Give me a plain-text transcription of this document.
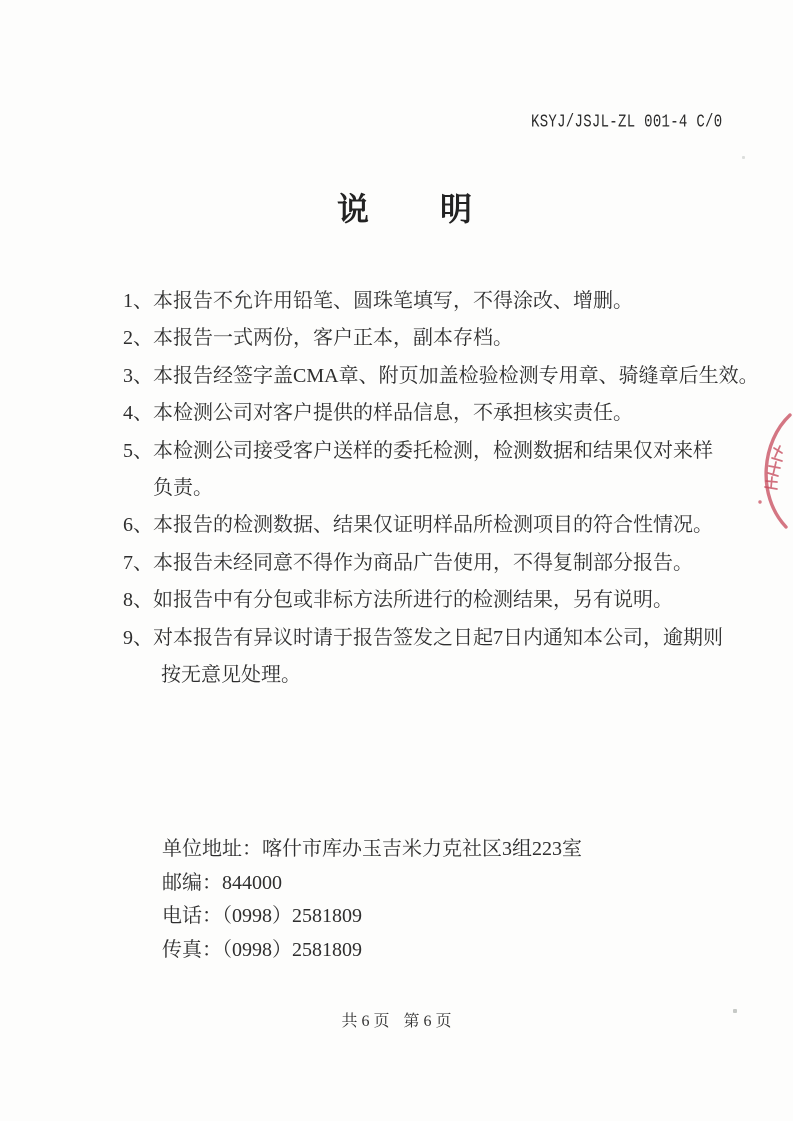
KSYJ/JSJL-ZL 001-4 C/0
说明
1、 本报告不允许用铅笔、圆珠笔填写，不得涂改、增删。
2、 本报告一式两份，客户正本，副本存档。
3、 本报告经签字盖CMA章、附页加盖检验检测专用章、骑缝章后生效。
4、 本检测公司对客户提供的样品信息，不承担核实责任。
5、 本检测公司接受客户送样的委托检测，检测数据和结果仅对来样
负责。
6、 本报告的检测数据、结果仅证明样品所检测项目的符合性情况。
7、 本报告未经同意不得作为商品广告使用，不得复制部分报告。
8、 如报告中有分包或非标方法所进行的检测结果，另有说明。
9、 对本报告有异议时请于报告签发之日起7日内通知本公司，逾期则
按无意见处理。
单位地址：喀什市库办玉吉米力克社区3组223室
邮编：844000
电话：（0998）2581809
传真：（0998）2581809
共 6 页 第 6 页
